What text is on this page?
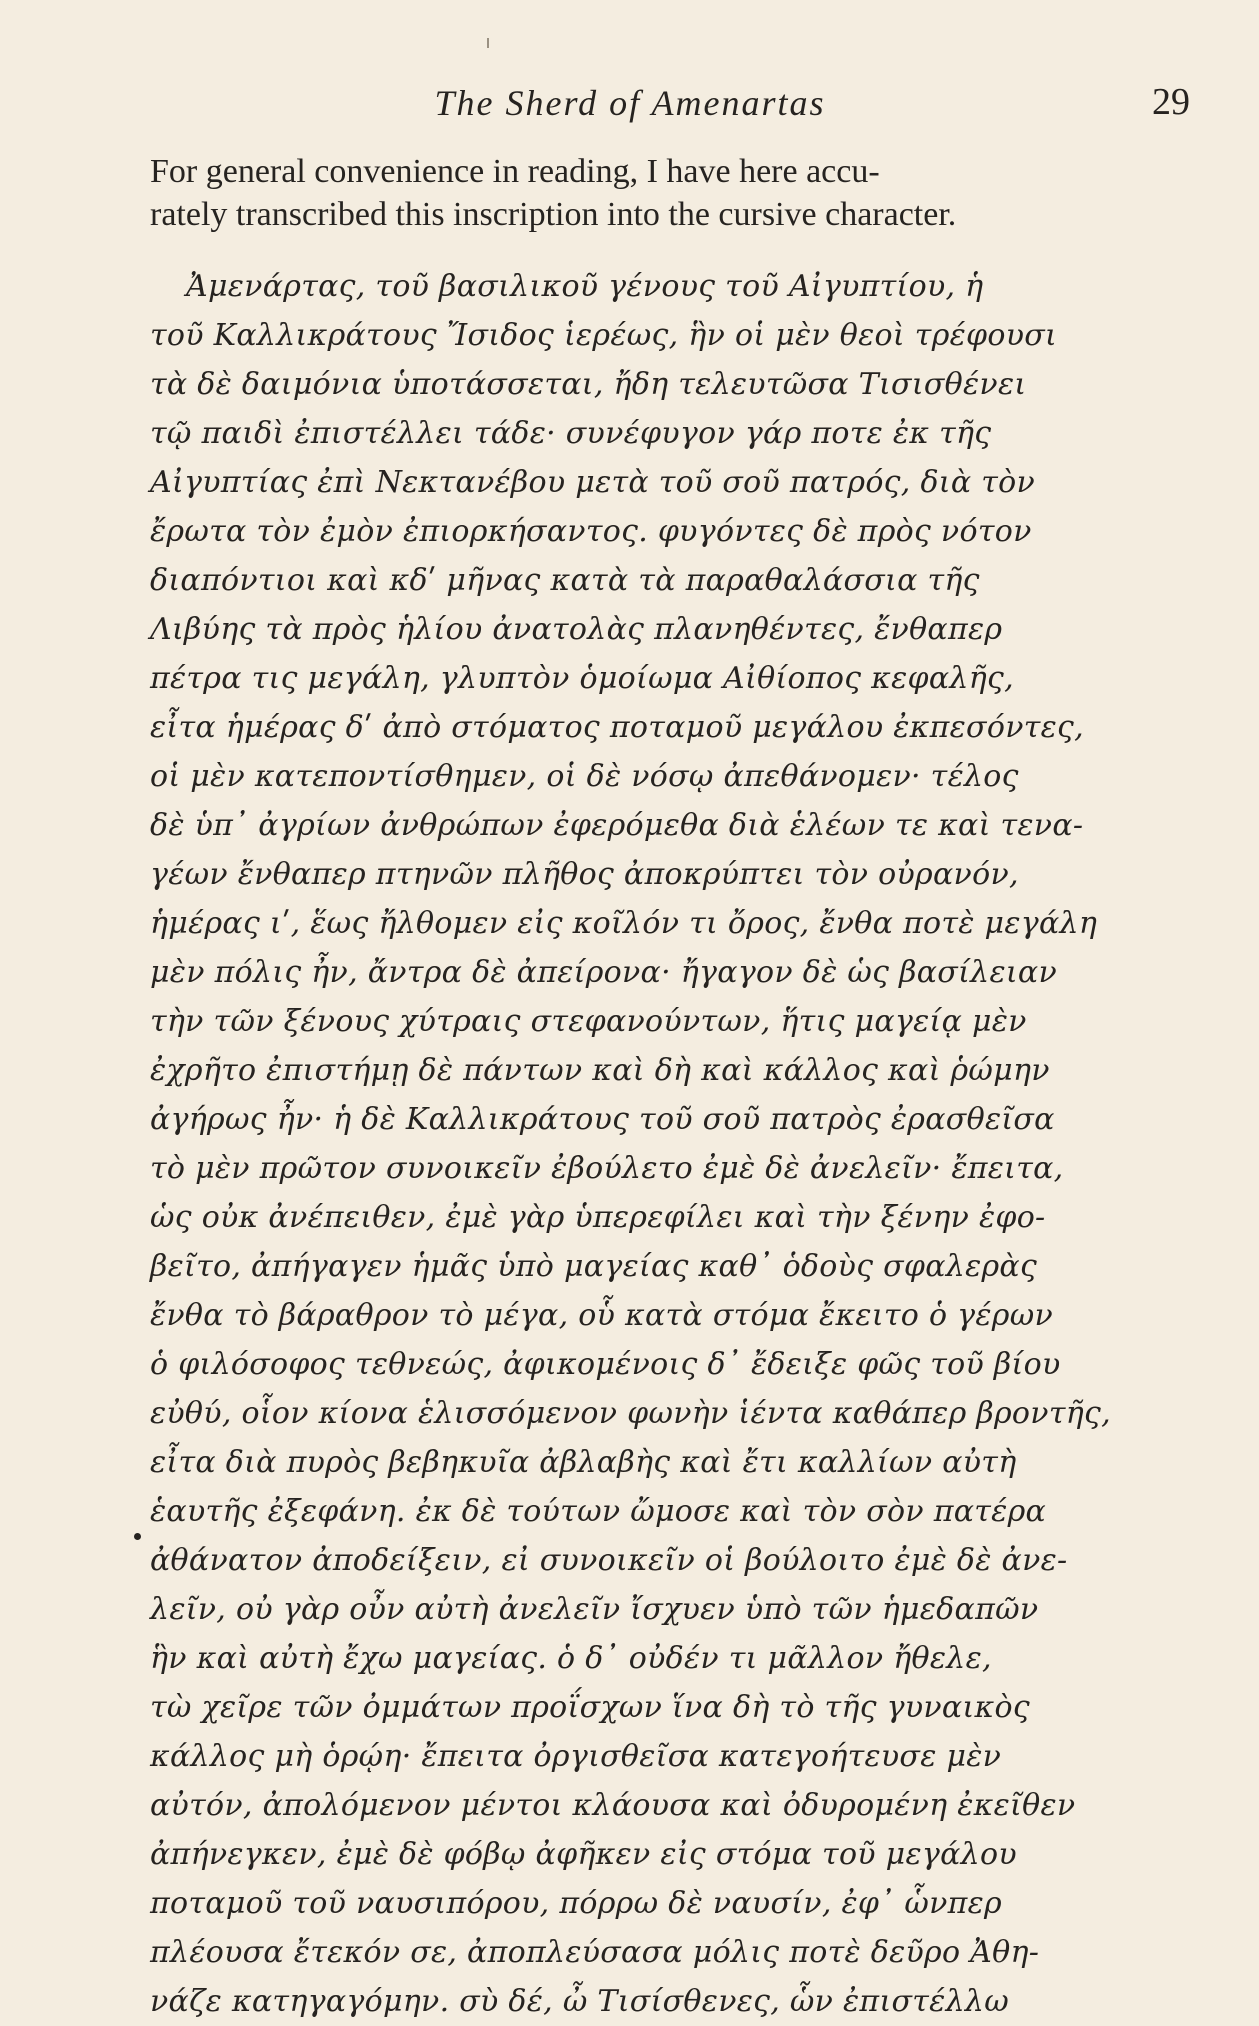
The Sherd of Amenartas	29
For general convenience in reading, I have here accu-
rately transcribed this inscription into the cursive character.
Ἀμενάρτας, τοῦ βασιλικοῦ γένους τοῦ Αἰγυπτίου, ἡ
τοῦ Καλλικράτους Ἴσιδος ἱερέως, ἣν οἱ μὲν θεοὶ τρέφουσι
τὰ δὲ δαιμόνια ὑποτάσσεται, ἤδη τελευτῶσα Τισισθένει
τῷ παιδὶ ἐπιστέλλει τάδε· συνέφυγον γάρ ποτε ἐκ τῆς
Αἰγυπτίας ἐπὶ Νεκτανέβου μετὰ τοῦ σοῦ πατρός, διὰ τὸν
ἔρωτα τὸν ἐμὸν ἐπιορκήσαντος. φυγόντες δὲ πρὸς νότον
διαπόντιοι καὶ κδʹ μῆνας κατὰ τὰ παραθαλάσσια τῆς
Λιβύης τὰ πρὸς ἡλίου ἀνατολὰς πλανηθέντες, ἔνθαπερ
πέτρα τις μεγάλη, γλυπτὸν ὁμοίωμα Αἰθίοπος κεφαλῆς,
εἶτα ἡμέρας δʹ ἀπὸ στόματος ποταμοῦ μεγάλου ἐκπεσόντες,
οἱ μὲν κατεποντίσθημεν, οἱ δὲ νόσῳ ἀπεθάνομεν· τέλος
δὲ ὑπ᾽ ἀγρίων ἀνθρώπων ἐφερόμεθα διὰ ἑλέων τε καὶ τενα-
γέων ἔνθαπερ πτηνῶν πλῆθος ἀποκρύπτει τὸν οὐρανόν,
ἡμέρας ιʹ, ἕως ἤλθομεν εἰς κοῖλόν τι ὄρος, ἔνθα ποτὲ μεγάλη
μὲν πόλις ἦν, ἄντρα δὲ ἀπείρονα· ἤγαγον δὲ ὡς βασίλειαν
τὴν τῶν ξένους χύτραις στεφανούντων, ἥτις μαγείᾳ μὲν
ἐχρῆτο ἐπιστήμῃ δὲ πάντων καὶ δὴ καὶ κάλλος καὶ ῥώμην
ἀγήρως ἦν· ἡ δὲ Καλλικράτους τοῦ σοῦ πατρὸς ἐρασθεῖσα
τὸ μὲν πρῶτον συνοικεῖν ἐβούλετο ἐμὲ δὲ ἀνελεῖν· ἔπειτα,
ὡς οὐκ ἀνέπειθεν, ἐμὲ γὰρ ὑπερεφίλει καὶ τὴν ξένην ἐφο-
βεῖτο, ἀπήγαγεν ἡμᾶς ὑπὸ μαγείας καθ᾽ ὁδοὺς σφαλερὰς
ἔνθα τὸ βάραθρον τὸ μέγα, οὗ κατὰ στόμα ἔκειτο ὁ γέρων
ὁ φιλόσοφος τεθνεώς, ἀφικομένοις δ᾽ ἔδειξε φῶς τοῦ βίου
εὐθύ, οἷον κίονα ἑλισσόμενον φωνὴν ἱέντα καθάπερ βροντῆς,
εἶτα διὰ πυρὸς βεβηκυῖα ἀβλαβὴς καὶ ἔτι καλλίων αὐτὴ
ἑαυτῆς ἐξεφάνη. ἐκ δὲ τούτων ὤμοσε καὶ τὸν σὸν πατέρα
ἀθάνατον ἀποδείξειν, εἰ συνοικεῖν οἱ βούλοιτο ἐμὲ δὲ ἀνε-
λεῖν, οὐ γὰρ οὖν αὐτὴ ἀνελεῖν ἴσχυεν ὑπὸ τῶν ἡμεδαπῶν
ἣν καὶ αὐτὴ ἔχω μαγείας. ὁ δ᾽ οὐδέν τι μᾶλλον ἤθελε,
τὼ χεῖρε τῶν ὀμμάτων προΐσχων ἵνα δὴ τὸ τῆς γυναικὸς
κάλλος μὴ ὁρῴη· ἔπειτα ὀργισθεῖσα κατεγοήτευσε μὲν
αὐτόν, ἀπολόμενον μέντοι κλάουσα καὶ ὀδυρομένη ἐκεῖθεν
ἀπήνεγκεν, ἐμὲ δὲ φόβῳ ἀφῆκεν εἰς στόμα τοῦ μεγάλου
ποταμοῦ τοῦ ναυσιπόρου, πόρρω δὲ ναυσίν, ἐφ᾽ ὧνπερ
πλέουσα ἔτεκόν σε, ἀποπλεύσασα μόλις ποτὲ δεῦρο Ἀθη-
νάζε κατηγαγόμην. σὺ δέ, ὦ Τισίσθενες, ὧν ἐπιστέλλω
